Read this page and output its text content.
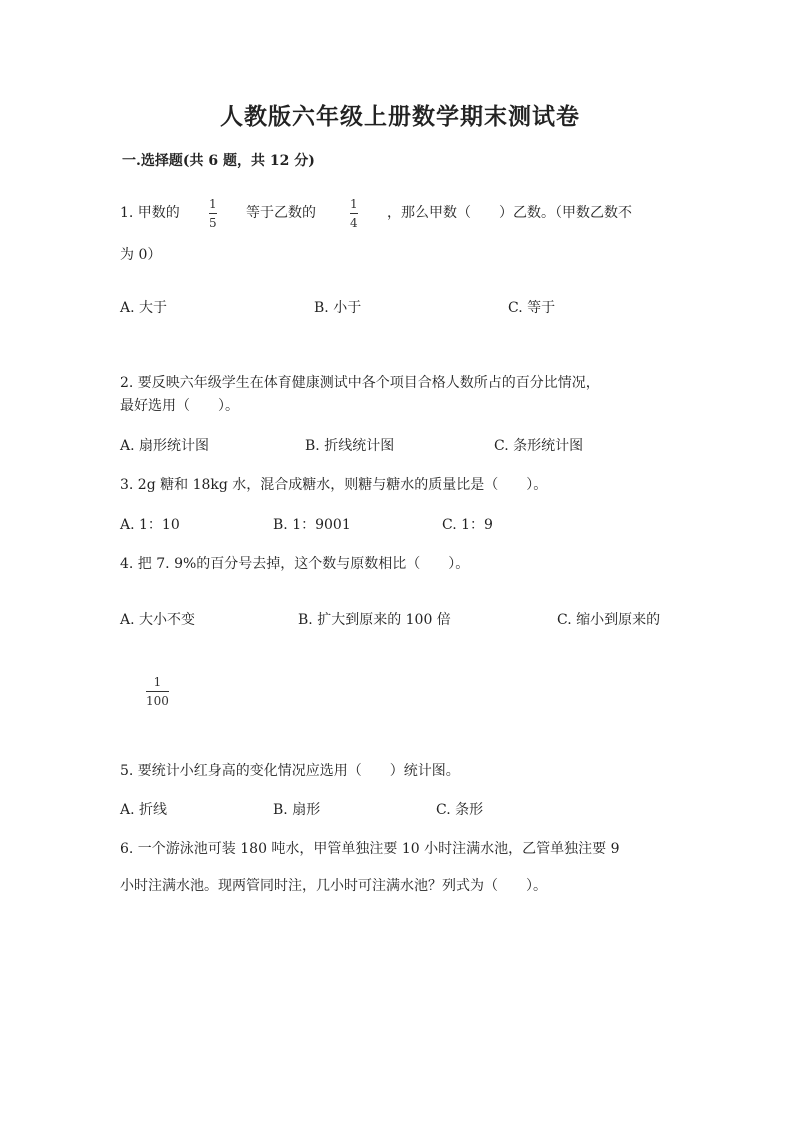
人教版六年级上册数学期末测试卷
一.选择题(共 6 题，共 12 分)
1. 甲数的
1
5
等于乙数的
1
4
，那么甲数（　　）乙数。（甲数乙数不
为 0）
A. 大于	B. 小于	C. 等于
2. 要反映六年级学生在体育健康测试中各个项目合格人数所占的百分比情况，
最好选用（　　）。
A. 扇形统计图	B. 折线统计图	C. 条形统计图
3. 2g 糖和 18kg 水，混合成糖水，则糖与糖水的质量比是（　　）。
A. 1：10	B. 1：9001	C. 1：9
4. 把 7. 9%的百分号去掉，这个数与原数相比（　　）。
A. 大小不变	B. 扩大到原来的 100 倍	C. 缩小到原来的
1
100
5. 要统计小红身高的变化情况应选用（　　）统计图。
A. 折线	B. 扇形	C. 条形
6. 一个游泳池可装 180 吨水，甲管单独注要 10 小时注满水池，乙管单独注要 9
小时注满水池。现两管同时注，几小时可注满水池？列式为（　　）。
